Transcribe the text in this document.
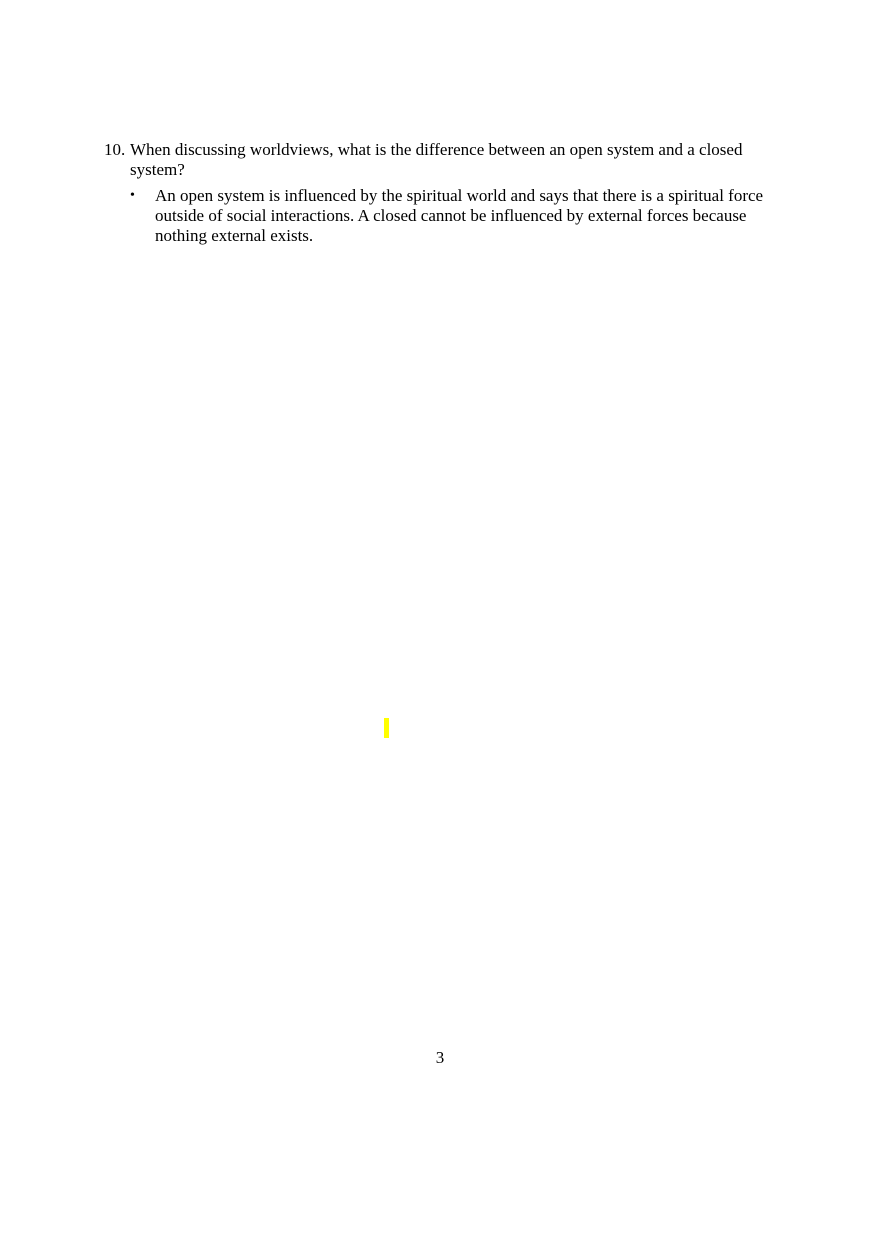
10. When discussing worldviews, what is the difference between an open system and a closed system?
•	An open system is influenced by the spiritual world and says that there is a spiritual force outside of social interactions. A closed cannot be influenced by external forces because nothing external exists.
3
